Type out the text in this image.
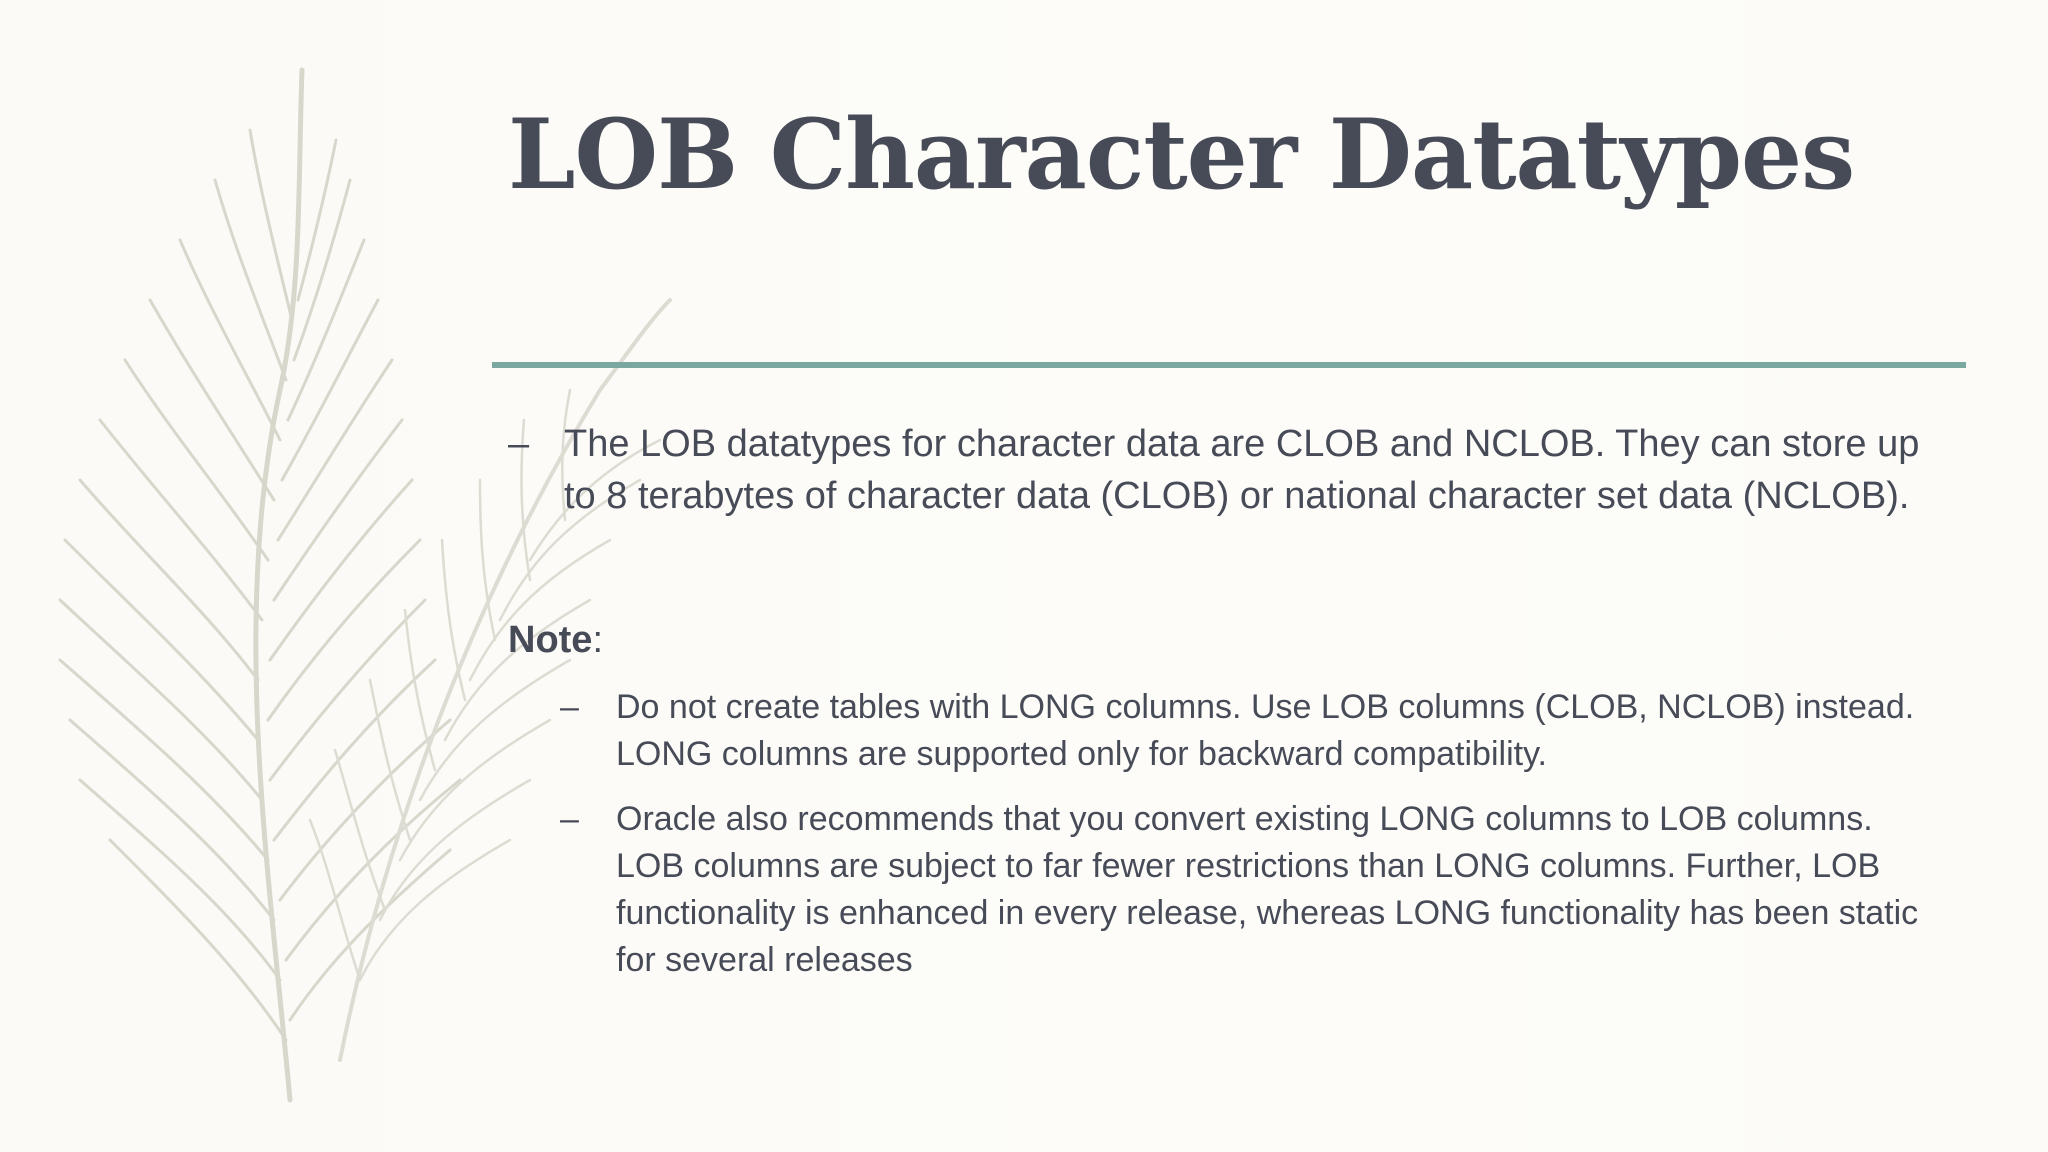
LOB Character Datatypes
– The LOB datatypes for character data are CLOB and NCLOB. They can store up to 8 terabytes of character data (CLOB) or national character set data (NCLOB).
Note:
– Do not create tables with LONG columns. Use LOB columns (CLOB, NCLOB) instead. LONG columns are supported only for backward compatibility.
– Oracle also recommends that you convert existing LONG columns to LOB columns. LOB columns are subject to far fewer restrictions than LONG columns. Further, LOB functionality is enhanced in every release, whereas LONG functionality has been static for several releases
